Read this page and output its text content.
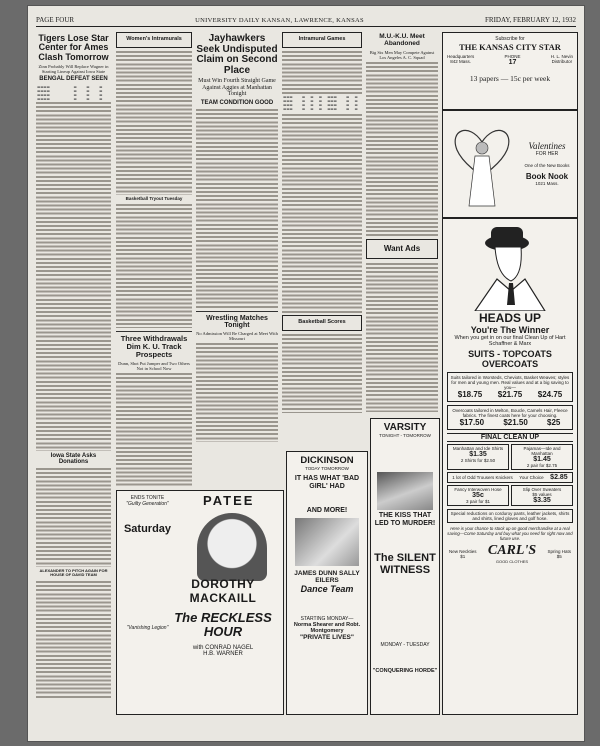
PAGE FOUR	UNIVERSITY DAILY KANSAN, LAWRENCE, KANSAS	FRIDAY, FEBRUARY 12, 1932
Tigers Lose Star Center for Ames Clash Tomorrow
Zinn Probably Will Replace Wagner in Starting Lineup Against Iowa State
BENGAL DEFEAT SEEN
▬▬▬▬	▬	▬	▬
▬▬▬▬	▬	▬	▬
▬▬▬▬	▬	▬	▬
▬▬▬▬	▬	▬	▬
Iowa State Asks Donations
ALEXANDER TO PITCH AGAIN FOR HOUSE OF DAVID TEAM
Women's Intramurals
Basketball Tryout Tuesday
Three Withdrawals Dim K. U. Track Prospects
Dunn, Shot Put Jumper and Two Others Not in School Now
Jayhawkers Seek Undisputed Claim on Second Place
Must Win Fourth Straight Game Against Aggies at Manhattan Tonight
TEAM CONDITION GOOD
Wrestling Matches Tonight
No Admission Will Be Charged at Meet With Missouri
Intramural Games
▬▬▬	▬	▬	▬	▬▬▬	▬	▬
▬▬▬	▬	▬	▬	▬▬▬	▬	▬
▬▬▬	▬	▬	▬	▬▬▬	▬	▬
▬▬▬	▬	▬	▬	▬▬▬	▬	▬
Basketball Scores
M.U.-K.U. Meet Abandoned
Big Six Men May Compete Against Los Angeles A. C. Squad
Want Ads
Subscribe for
THE KANSAS CITY STAR
Headquarters
842 Mass.
PHONE
17
H. L. Nevin
Distributor
13 papers — 15c per week
Valentines
FOR HER
One of the New Books
Book Nook
1021 Mass.
HEADS UP
You're The Winner
When you get in on our final Clean Up of Hart Schaffner & Marx
SUITS - TOPCOATS
OVERCOATS
Suits tailored in Worsteds, Cheviots, Basket Weaves; styles for men and young men. Real values and at a big saving to you—
$18.75 $21.75 $24.75
Overcoats tailored in Melton, Boucle, Camels Hair, Fleece fabrics. The finest coats here for your choosing.
$17.50 $21.50 $25
FINAL CLEAN UP
Manhattan and Ide Shirts
$1.35
2 Shirts for $2.50
Pajamas—Ide and Manhattan
$1.45
2 pair for $2.75
1 lot of Odd Trousers Knickers Your Choice $2.85
Fancy Interwoven Hose
35c
3 pair for $1
Slip Over Sweaters
$5 values
$3.35
Special reductions on corduroy pants, leather jackets, shirts and shirts, lined gloves and golf hose.
Here is your chance to stock up on good merchandise at a real saving—Come Saturday and buy what you need for right now and future use.
New Neckties
$1	CARL'S
GOOD CLOTHES
Spring Hats
$5
ENDS TONITE
"Guilty Generation"
Saturday
"Vanishing Legion"
PATEE
DOROTHY MACKAILL
The RECKLESS HOUR
with CONRAD NAGEL
H.B. WARNER
DICKINSON
TODAY TOMORROW
IT HAS WHAT 'BAD GIRL' HAD
AND MORE!
JAMES DUNN SALLY EILERS
Dance Team
STARTING MONDAY—
Norma Shearer and Robt. Montgomery
"PRIVATE LIVES"
VARSITY
TONIGHT - TOMORROW
THE KISS THAT LED TO MURDER!
The SILENT WITNESS
MONDAY - TUESDAY
"CONQUERING HORDE"
